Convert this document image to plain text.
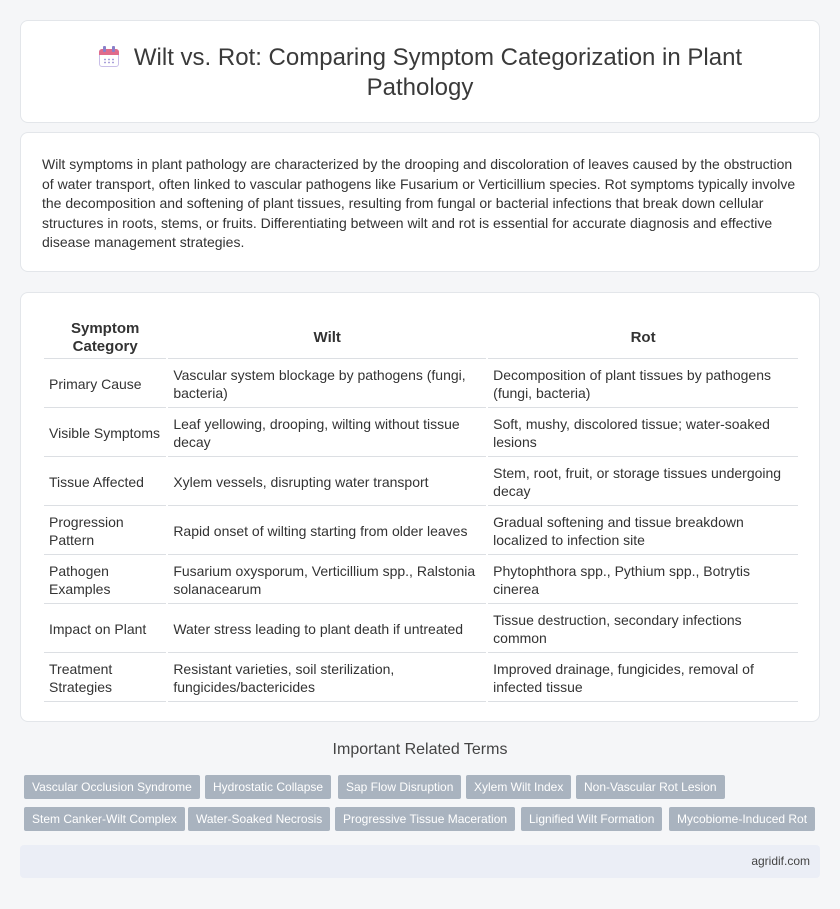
Wilt vs. Rot: Comparing Symptom Categorization in Plant Pathology

Wilt symptoms in plant pathology are characterized by the drooping and discoloration of leaves caused by the obstruction of water transport, often linked to vascular pathogens like Fusarium or Verticillium species. Rot symptoms typically involve the decomposition and softening of plant tissues, resulting from fungal or bacterial infections that break down cellular structures in roots, stems, or fruits. Differentiating between wilt and rot is essential for accurate diagnosis and effective disease management strategies.

Symptom Category	Wilt	Rot
Primary Cause	Vascular system blockage by pathogens (fungi, bacteria)	Decomposition of plant tissues by pathogens (fungi, bacteria)
Visible Symptoms	Leaf yellowing, drooping, wilting without tissue decay	Soft, mushy, discolored tissue; water-soaked lesions
Tissue Affected	Xylem vessels, disrupting water transport	Stem, root, fruit, or storage tissues undergoing decay
Progression Pattern	Rapid onset of wilting starting from older leaves	Gradual softening and tissue breakdown localized to infection site
Pathogen Examples	Fusarium oxysporum, Verticillium spp., Ralstonia solanacearum	Phytophthora spp., Pythium spp., Botrytis cinerea
Impact on Plant	Water stress leading to plant death if untreated	Tissue destruction, secondary infections common
Treatment Strategies	Resistant varieties, soil sterilization, fungicides/bactericides	Improved drainage, fungicides, removal of infected tissue
Important Related Terms
Vascular Occlusion Syndrome	Hydrostatic Collapse	Sap Flow Disruption	Xylem Wilt Index	Non-Vascular Rot Lesion
Stem Canker-Wilt Complex	Water-Soaked Necrosis	Progressive Tissue Maceration	Lignified Wilt Formation	Mycobiome-Induced Rot
agridif.com
